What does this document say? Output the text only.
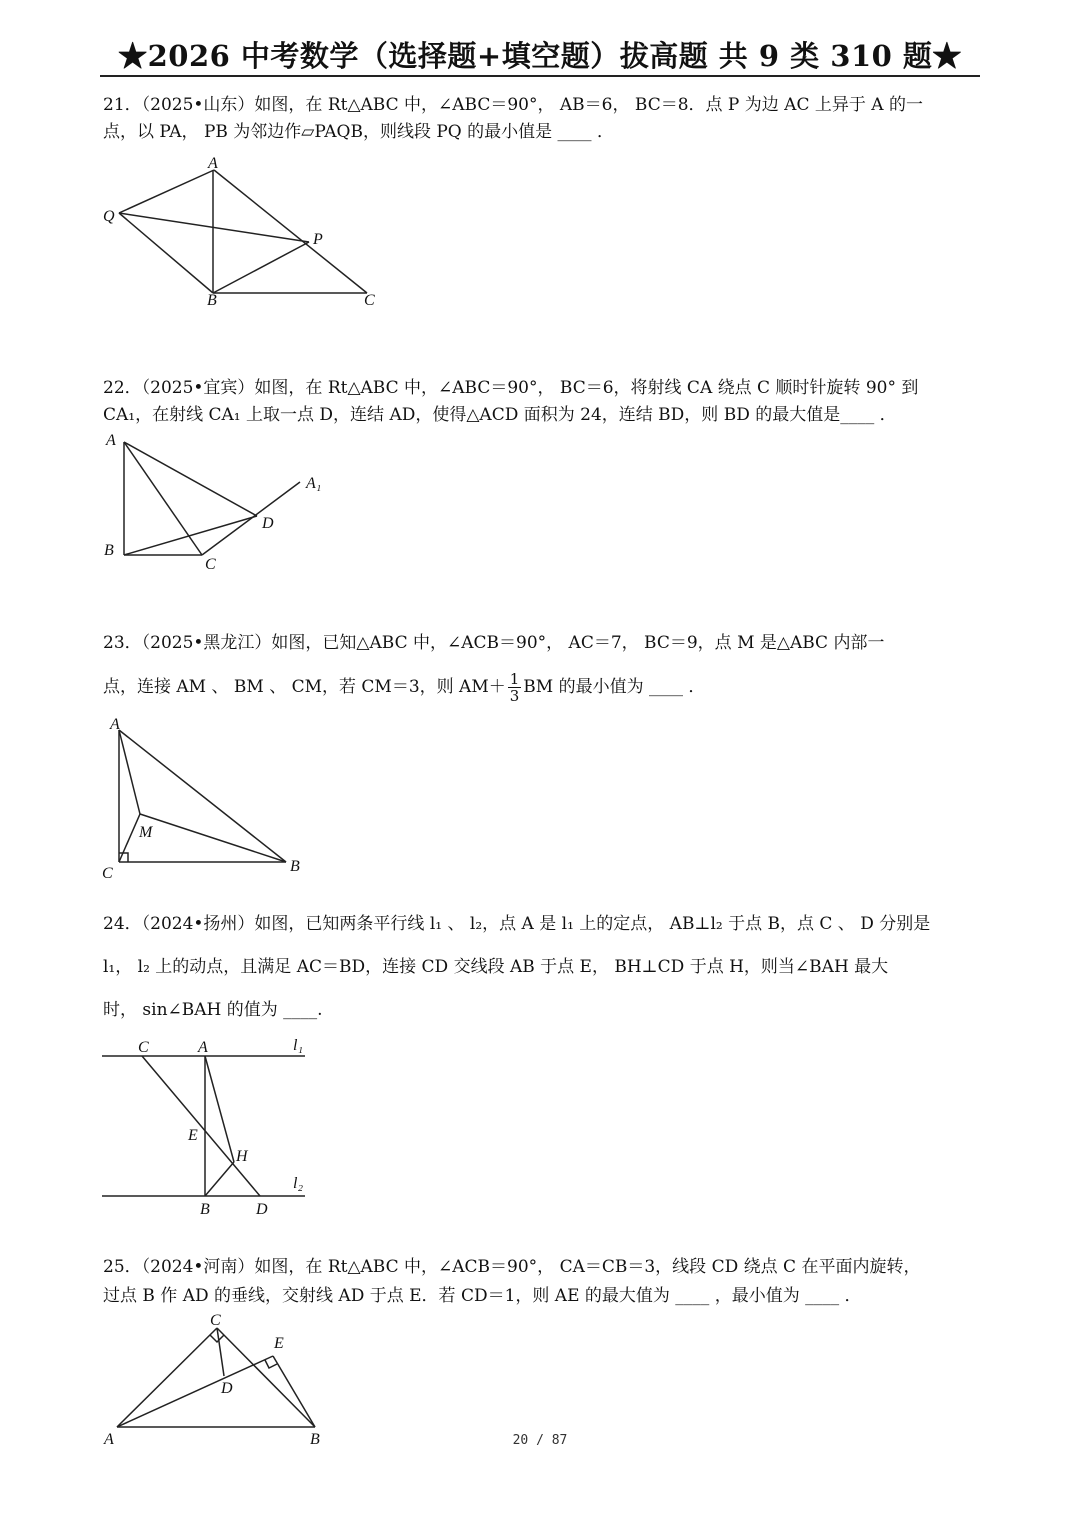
★2026 中考数学（选择题+填空题）拔高题 共 9 类 310 题★

21．（2025•山东）如图，在 Rt△ABC 中，∠ABC＝90°， AB＝6， BC＝8．点 P 为边 AC 上异于 A 的一

点，以 PA， PB 为邻边作▱PAQB，则线段 PQ 的最小值是 ____ ．

A
Q
P
B	C

22．（2025•宜宾）如图，在 Rt△ABC 中，∠ABC＝90°， BC＝6，将射线 CA 绕点 C 顺时针旋转 90° 到

CA₁，在射线 CA₁ 上取一点 D，连结 AD，使得△ACD 面积为 24，连结 BD，则 BD 的最大值是____ ．

A
B
C
D
A₁

23．（2025•黑龙江）如图，已知△ABC 中，∠ACB＝90°， AC＝7， BC＝9，点 M 是△ABC 内部一

点，连接 AM 、 BM 、 CM，若 CM＝3，则 $AM+ \frac{1}{3}$ BM 的最小值为 ____ ．

A
M
C	B

24．（2024•扬州）如图，已知两条平行线 l₁ 、 l₂，点 A 是 l₁ 上的定点， AB⊥l₂ 于点 B，点 C 、 D 分别是

l₁， l₂ 上的动点，且满足 AC＝BD，连接 CD 交线段 AB 于点 E， BH⊥CD 于点 H，则当∠BAH 最大

时， sin∠BAH 的值为 ____.

C	A	l₁
E
H
l₂
B	D

25．（2024•河南）如图，在 Rt△ABC 中，∠ACB＝90°， CA＝CB＝3，线段 CD 绕点 C 在平面内旋转，

过点 B 作 AD 的垂线，交射线 AD 于点 E．若 CD＝1，则 AE 的最大值为 ____ ，最小值为 ____ ．

C
E
D
A	B	20 / 87
